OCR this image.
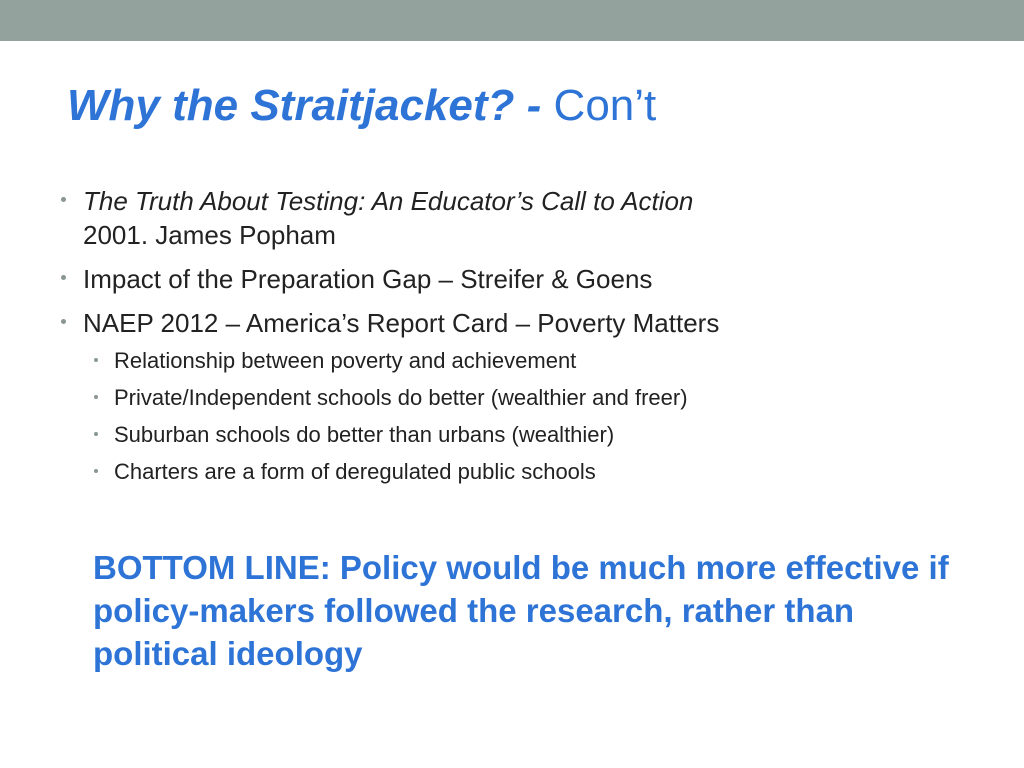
Why the Straitjacket? - Con’t
The Truth About Testing: An Educator’s Call to Action
2001. James Popham
Impact of the Preparation Gap – Streifer & Goens
NAEP 2012 – America’s Report Card – Poverty Matters
Relationship between poverty and achievement
Private/Independent schools do better (wealthier and freer)
Suburban schools do better than urbans (wealthier)
Charters are a form of deregulated public schools

BOTTOM LINE: Policy would be much more effective if policy-makers followed the research, rather than political ideology
